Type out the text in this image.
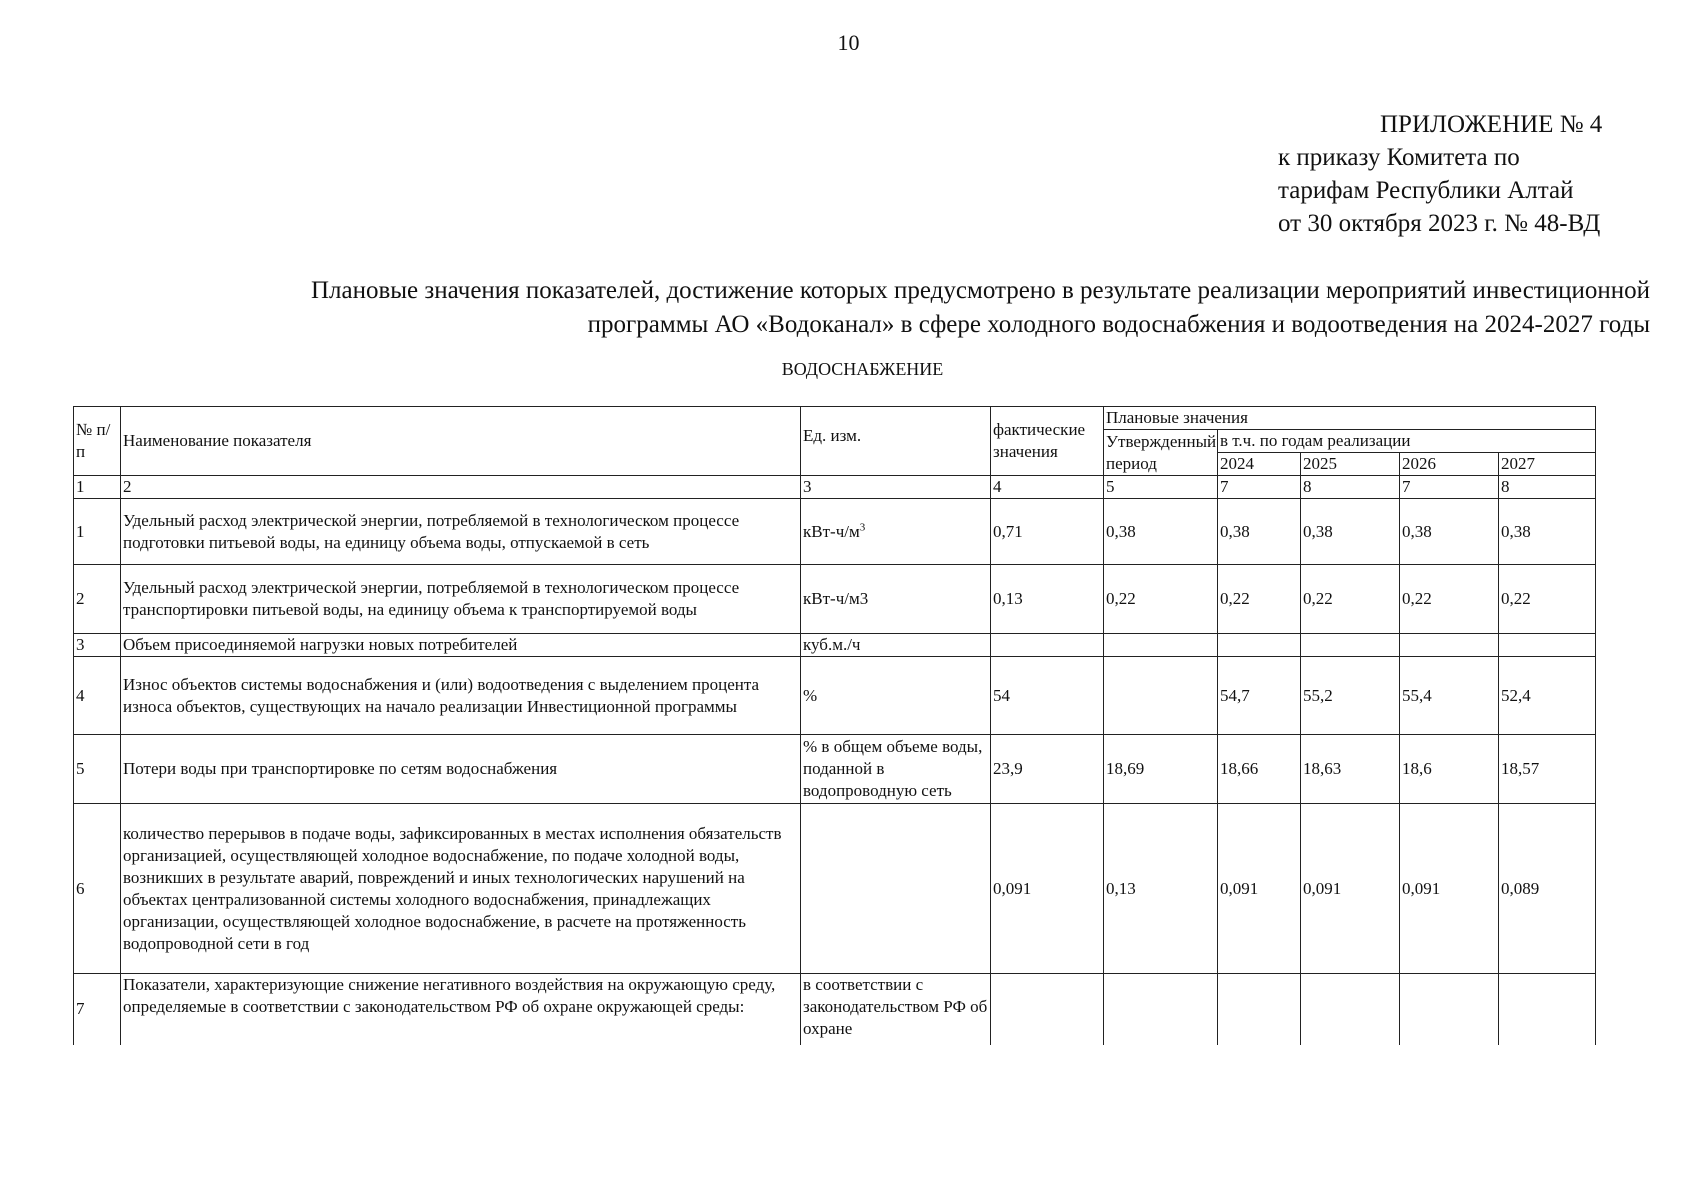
10
ПРИЛОЖЕНИЕ № 4
к приказу Комитета по
тарифам Республики Алтай
от 30 октября 2023 г. № 48-ВД
Плановые значения показателей, достижение которых предусмотрено в результате реализации мероприятий инвестиционной
программы АО «Водоканал» в сфере холодного водоснабжения и водоотведения на 2024-2027 годы
ВОДОСНАБЖЕНИЕ
№ п/п	Наименование показателя	Ед. изм.	фактические значения	Плановые значения				
				Утвержденный период	в т.ч. по годам реализации			
					2024	2025	2026	2027
1	2	3	4	5	7	8	7	8
1	Удельный расход электрической энергии, потребляемой в технологическом процессе подготовки питьевой воды, на единицу объема воды, отпускаемой в сеть	кВт-$ч/м^3$	0,71	0,38	0,38	0,38	0,38	0,38
2	Удельный расход электрической энергии, потребляемой в технологическом процессе транспортировки питьевой воды, на единицу объема к транспортируемой воды	кВт-ч/м3	0,13	0,22	0,22	0,22	0,22	0,22
3	Объем присоединяемой нагрузки новых потребителей	куб.м./ч						
4	Износ объектов системы водоснабжения и (или) водоотведения с выделением процента износа объектов, существующих на начало реализации Инвестиционной программы	%	54		54,7	55,2	55,4	52,4
5	Потери воды при транспортировке по сетям водоснабжения	% в общем объеме воды, поданной в водопроводную сеть	23,9	18,69	18,66	18,63	18,6	18,57
6	количество перерывов в подаче воды, зафиксированных в местах исполнения обязательств организацией, осуществляющей холодное водоснабжение, по подаче холодной воды, возникших в результате аварий, повреждений и иных технологических нарушений на объектах централизованной системы холодного водоснабжения, принадлежащих организации, осуществляющей холодное водоснабжение, в расчете на протяженность водопроводной сети в год		0,091	0,13	0,091	0,091	0,091	0,089
7	Показатели, характеризующие снижение негативного воздействия на окружающую среду, определяемые в соответствии с законодательством РФ об охране окружающей среды:	в соответствии с законодательством РФ об охране						
